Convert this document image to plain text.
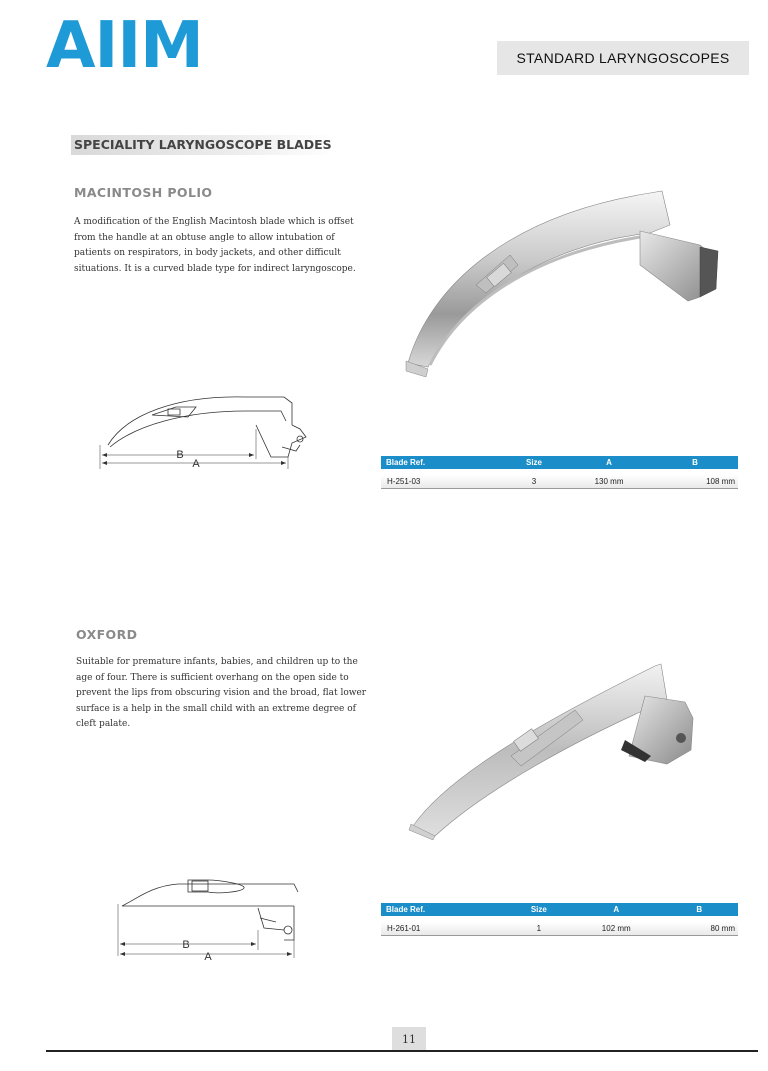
AIIM	STANDARD LARYNGOSCOPES
SPECIALITY LARYNGOSCOPE BLADES
MACINTOSH POLIO
A modification of the English Macintosh blade which is offset from the handle at an obtuse angle to allow intubation of patients on respirators, in body jackets, and other difficult situations. It is a curved blade type for indirect laryngoscope.
B
A	Blade Ref.	Size	A	B

H-251-03	3	130 mm	108 mm
OXFORD
Suitable for premature infants, babies, and children up to the age of four. There is sufficient overhang on the open side to prevent the lips from obscuring vision and the broad, flat lower surface is a help in the small child with an extreme degree of cleft palate.
B
A
Blade Ref.	Size	A	B

H-261-01	1	102 mm	80 mm
11
